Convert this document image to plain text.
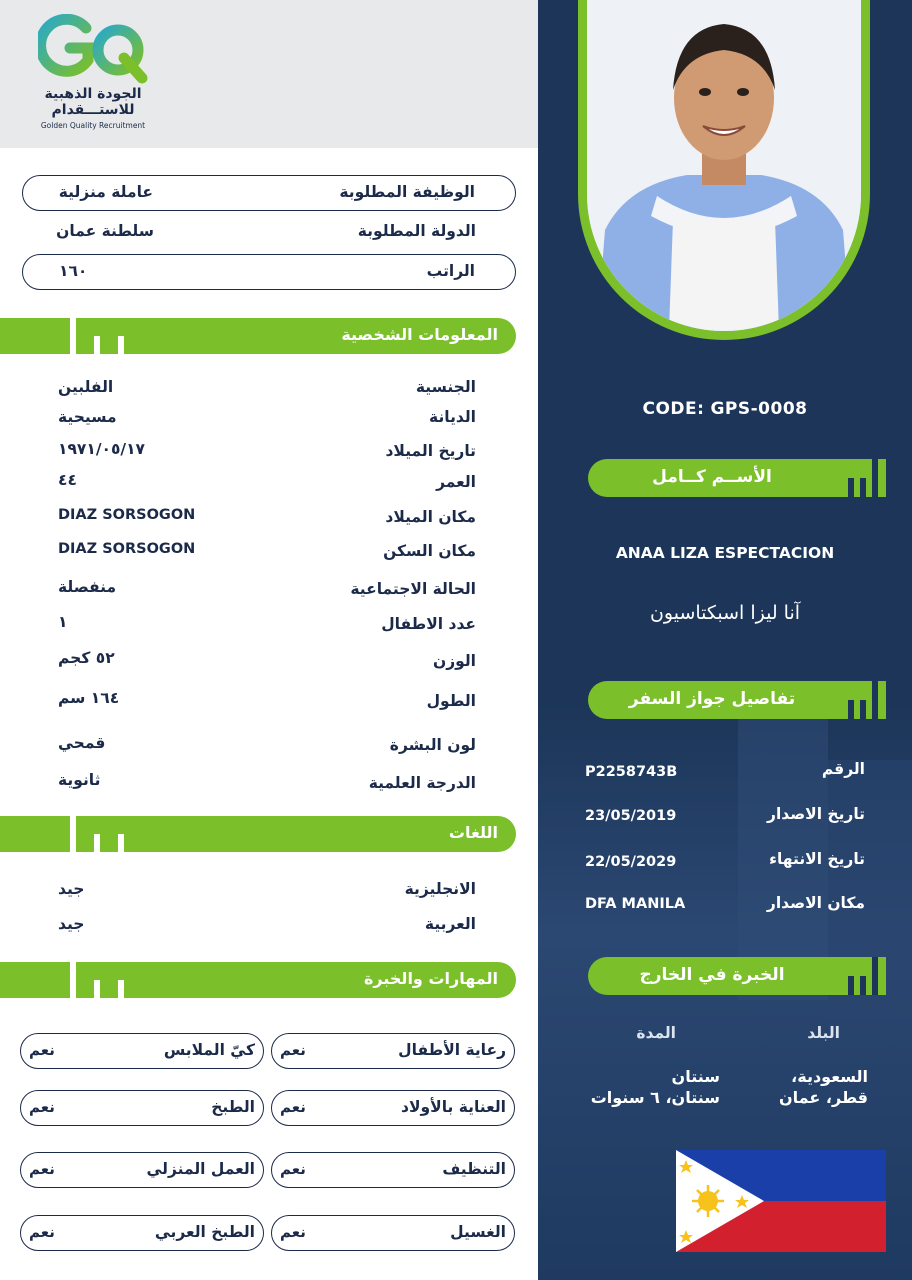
الجودة الذهبية
للاستـــقدام
Golden Quality Recruitment
الوظيفة المطلوبة
عاملة منزلية
الدولة المطلوبة
سلطنة عمان
الراتب
١٦٠
المعلومات الشخصية
الجنسية
الفلبين
الديانة
مسيحية
تاريخ الميلاد
١٩٧١/٠٥/١٧
العمر
٤٤
مكان الميلاد
DIAZ SORSOGON
مكان السكن
DIAZ SORSOGON
الحالة الاجتماعية
منفصلة
عدد الاطفال
١
الوزن
٥٢ كجم
الطول
١٦٤ سم
لون البشرة
قمحي
الدرجة العلمية
ثانوية
اللغات
الانجليزية
جيد
العربية
جيد
المهارات والخبرة
رعاية الأطفال
نعم
كيّ الملابس
نعم
العناية بالأولاد
نعم
الطبخ
نعم
التنظيف
نعم
العمل المنزلي
نعم
الغسيل
نعم
الطبخ العربي
نعم
CODE: GPS-0008
الأســم كــامل
ANAA LIZA ESPECTACION
آنا ليزا اسبكتاسيون
تفاصيل جواز السفر
الرقم
P2258743B
تاريخ الاصدار
23/05/2019
تاريخ الانتهاء
22/05/2029
مكان الاصدار
DFA MANILA
الخبرة في الخارج
البلد
المدة
السعودية،
قطر، عمان
سنتان
سنتان، ٦ سنوات
